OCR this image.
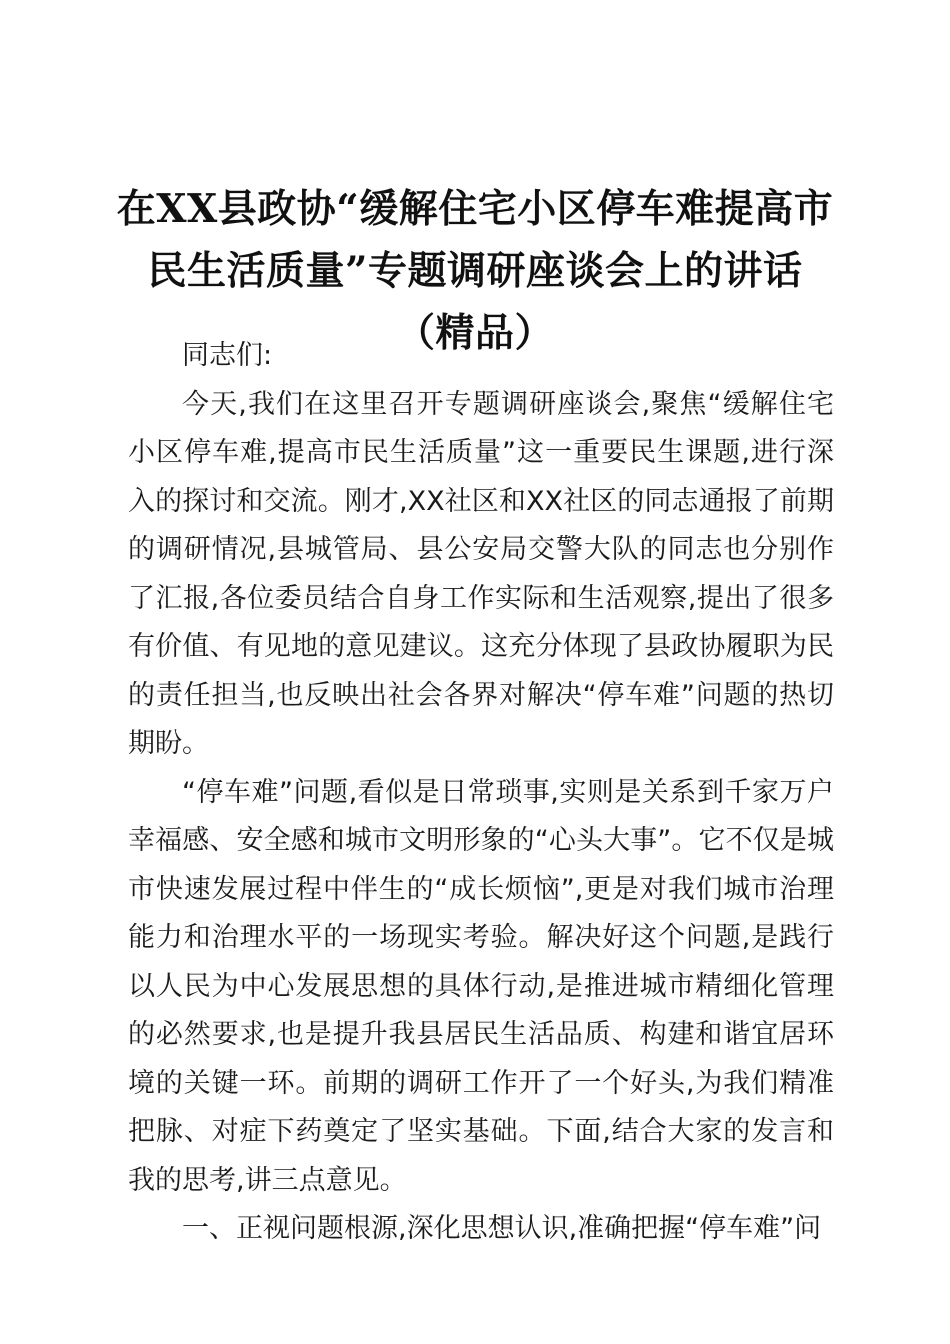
在XX县政协“缓解住宅小区停车难提高市民生活质量”专题调研座谈会上的讲话（精品）

同志们:

今天,我们在这里召开专题调研座谈会,聚焦“缓解住宅小区停车难,提高市民生活质量”这一重要民生课题,进行深入的探讨和交流。刚才,XX社区和XX社区的同志通报了前期的调研情况,县城管局、县公安局交警大队的同志也分别作了汇报,各位委员结合自身工作实际和生活观察,提出了很多有价值、有见地的意见建议。这充分体现了县政协履职为民的责任担当,也反映出社会各界对解决“停车难”问题的热切期盼。

“停车难”问题,看似是日常琐事,实则是关系到千家万户幸福感、安全感和城市文明形象的“心头大事”。它不仅是城市快速发展过程中伴生的“成长烦恼”,更是对我们城市治理能力和治理水平的一场现实考验。解决好这个问题,是践行以人民为中心发展思想的具体行动,是推进城市精细化管理的必然要求,也是提升我县居民生活品质、构建和谐宜居环境的关键一环。前期的调研工作开了一个好头,为我们精准把脉、对症下药奠定了坚实基础。下面,结合大家的发言和我的思考,讲三点意见。

一、正视问题根源,深化思想认识,准确把握“停车难”问
